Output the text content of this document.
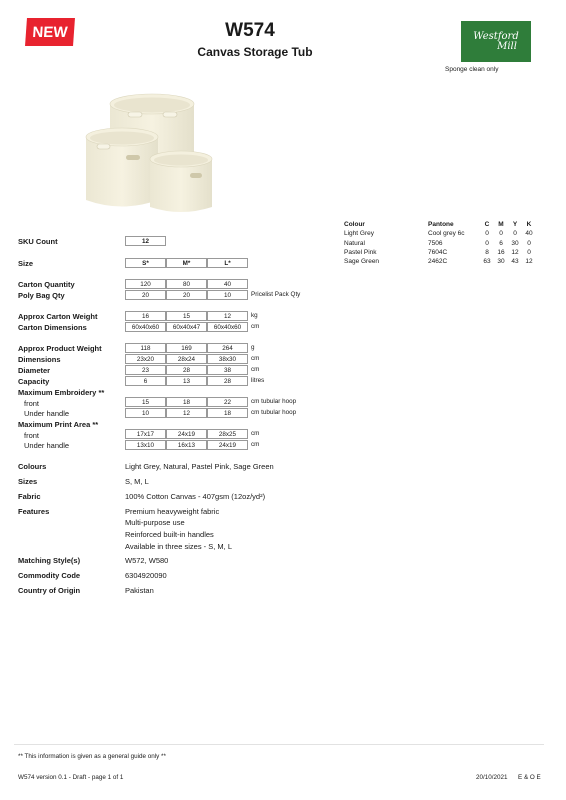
NEW	W574
Canvas Storage Tub
Westford
Mill
Sponge clean only
Colour	Pantone	C	M	Y	K
Light Grey	Cool grey 6c	0	0	0	40
Natural	7506	0	6	30	0
Pastel Pink	7604C	8	16	12	0
Sage Green	2462C	63	30	43	12
SKU Count	12
Size	S*	M*	L*
Carton Quantity	120	80	40
Poly Bag Qty	20	20	10	Pricelist Pack Qty
Approx Carton Weight	16	15	12	kg
Carton Dimensions	60x40x60	60x40x47	60x40x60	cm
Approx Product Weight	118	169	264	g
Dimensions	23x20	28x24	38x30	cm
Diameter	23	28	38	cm
Capacity	6	13	28	litres
Maximum Embroidery **
front	15	18	22	cm tubular hoop
Under handle	10	12	18	cm tubular hoop
Maximum Print Area **
front	17x17	24x19	28x25	cm
Under handle	13x10	16x13	24x19	cm
Colours	Light Grey, Natural, Pastel Pink, Sage Green
Sizes	S, M, L
Fabric	100% Cotton Canvas - 407gsm (12oz/yd²)
Features	Premium heavyweight fabric
Multi-purpose use
Reinforced built-in handles
Available in three sizes - S, M, L
Matching Style(s)	W572, W580
Commodity Code	6304920090
Country of Origin	Pakistan
** This information is given as a general guide only **
W574 version 0.1 - Draft - page 1 of 1	20/10/2021 E & O E
